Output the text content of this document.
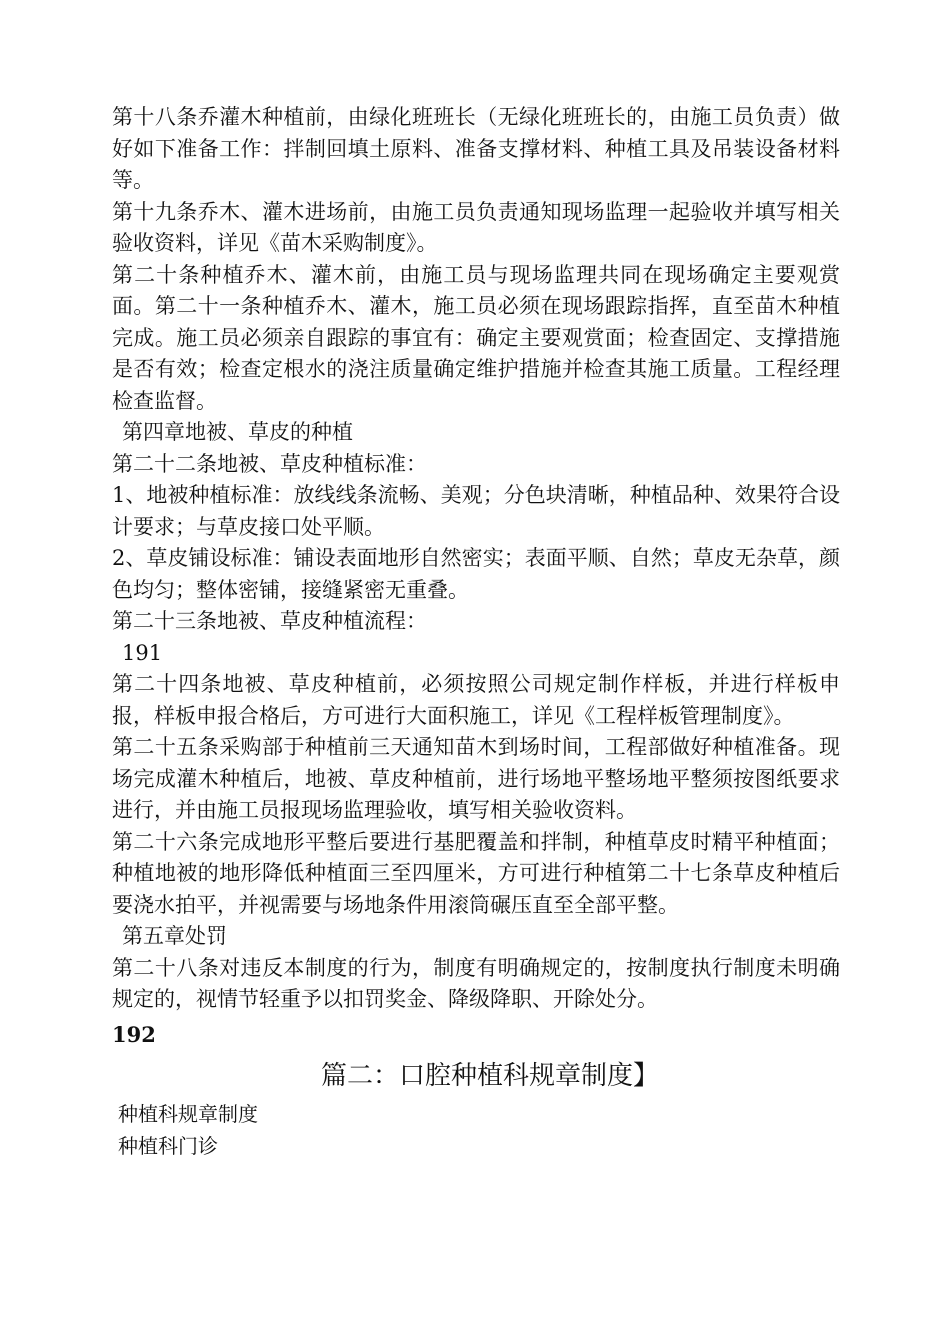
第十八条乔灌木种植前，由绿化班班长（无绿化班班长的，由施工员负责）做好如下准备工作：拌制回填土原料、准备支撑材料、种植工具及吊装设备材料等。

第十九条乔木、灌木进场前，由施工员负责通知现场监理一起验收并填写相关验收资料，详见《苗木采购制度》。

第二十条种植乔木、灌木前，由施工员与现场监理共同在现场确定主要观赏面。第二十一条种植乔木、灌木，施工员必须在现场跟踪指挥，直至苗木种植完成。施工员必须亲自跟踪的事宜有：确定主要观赏面；检查固定、支撑措施是否有效；检查定根水的浇注质量确定维护措施并检查其施工质量。工程经理检查监督。

第四章地被、草皮的种植

第二十二条地被、草皮种植标准：

1、地被种植标准：放线线条流畅、美观；分色块清晰，种植品种、效果符合设计要求；与草皮接口处平顺。

2、草皮铺设标准：铺设表面地形自然密实；表面平顺、自然；草皮无杂草，颜色均匀；整体密铺，接缝紧密无重叠。

第二十三条地被、草皮种植流程：

191

第二十四条地被、草皮种植前，必须按照公司规定制作样板，并进行样板申报，样板申报合格后，方可进行大面积施工，详见《工程样板管理制度》。

第二十五条采购部于种植前三天通知苗木到场时间，工程部做好种植准备。现场完成灌木种植后，地被、草皮种植前，进行场地平整场地平整须按图纸要求进行，并由施工员报现场监理验收，填写相关验收资料。

第二十六条完成地形平整后要进行基肥覆盖和拌制，种植草皮时精平种植面；种植地被的地形降低种植面三至四厘米，方可进行种植第二十七条草皮种植后要浇水拍平，并视需要与场地条件用滚筒碾压直至全部平整。

第五章处罚

第二十八条对违反本制度的行为，制度有明确规定的，按制度执行制度未明确规定的，视情节轻重予以扣罚奖金、降级降职、开除处分。

192

篇二：口腔种植科规章制度】

种植科规章制度

种植科门诊
